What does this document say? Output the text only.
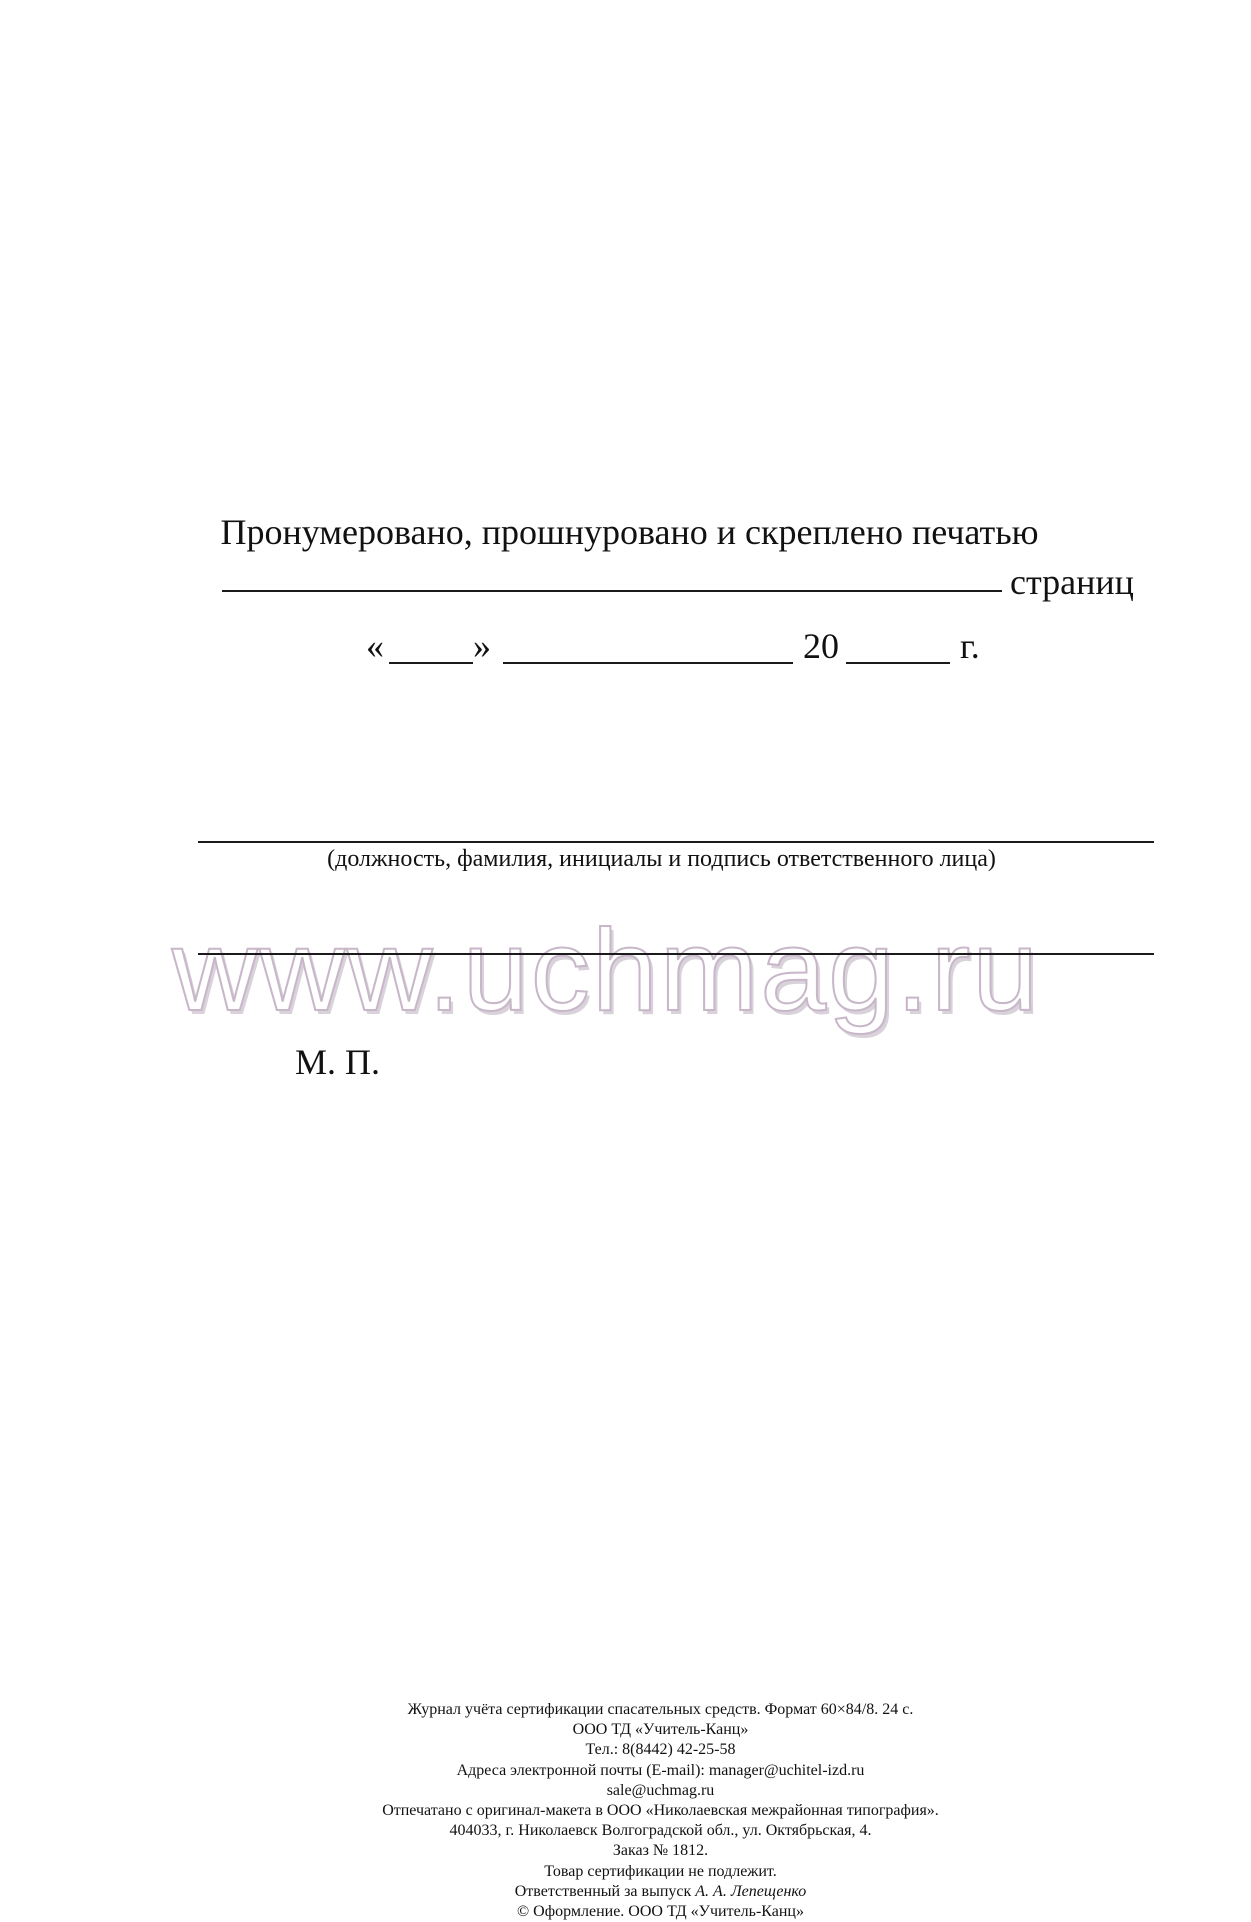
Пронумеровано, прошнуровано и скреплено печатью
страниц
« »	20	г.
(должность, фамилия, инициалы и подпись ответственного лица)
www.uchmag.ru
М. П.
Журнал учёта сертификации спасательных средств. Формат 60×84/8. 24 с.
ООО ТД «Учитель-Канц»
Тел.: 8(8442) 42-25-58
Адреса электронной почты (E-mail): manager@uchitel-izd.ru
sale@uchmag.ru
Отпечатано с оригинал-макета в ООО «Николаевская межрайонная типография».
404033, г. Николаевск Волгоградской обл., ул. Октябрьская, 4.
Заказ № 1812.
Товар сертификации не подлежит.
Ответственный за выпуск А. А. Лепещенко
© Оформление. ООО ТД «Учитель-Канц»
